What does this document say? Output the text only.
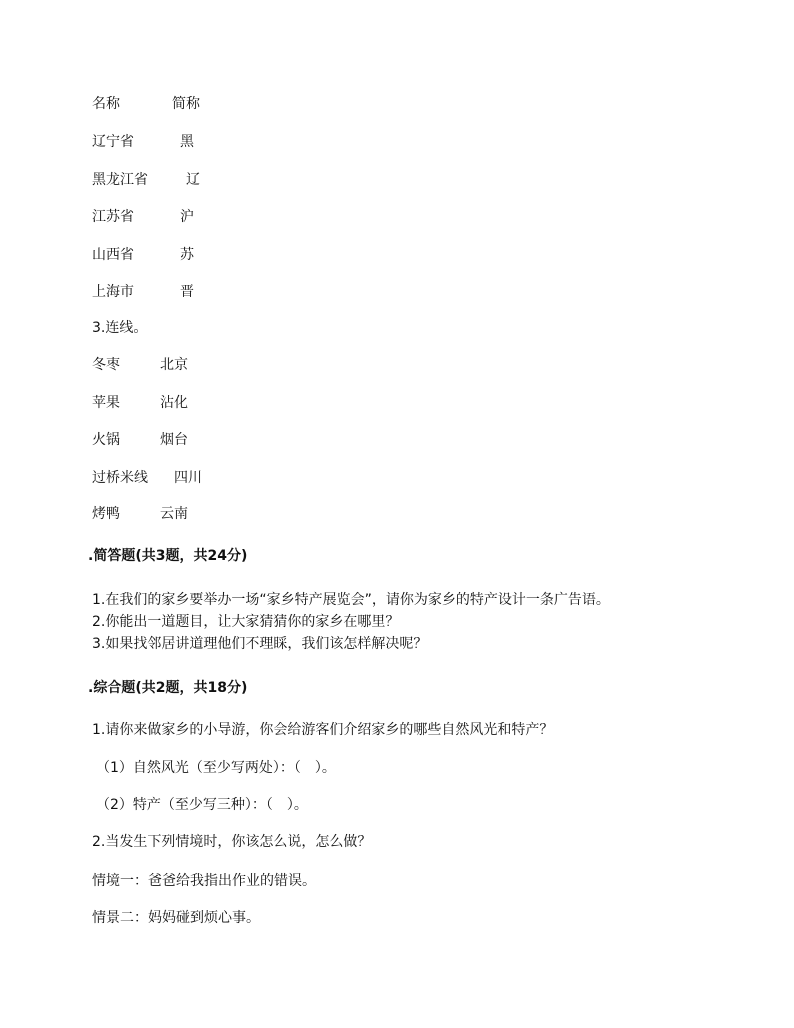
名称	简称
辽宁省	黑
黑龙江省	辽
江苏省	沪
山西省	苏
上海市	晋
3.连线。
冬枣	北京
苹果	沾化
火锅	烟台
过桥米线 四川
烤鸭	云南
.简答题(共3题，共24分)
1.在我们的家乡要举办一场“家乡特产展览会”，请你为家乡的特产设计一条广告语。
2.你能出一道题目，让大家猜猜你的家乡在哪里？
3.如果找邻居讲道理他们不理睬，我们该怎样解决呢？
.综合题(共2题，共18分)
1.请你来做家乡的小导游，你会给游客们介绍家乡的哪些自然风光和特产？
（1）自然风光（至少写两处）：（　）。
（2）特产（至少写三种）：（　）。
2.当发生下列情境时，你该怎么说，怎么做？
情境一：爸爸给我指出作业的错误。
情景二：妈妈碰到烦心事。
